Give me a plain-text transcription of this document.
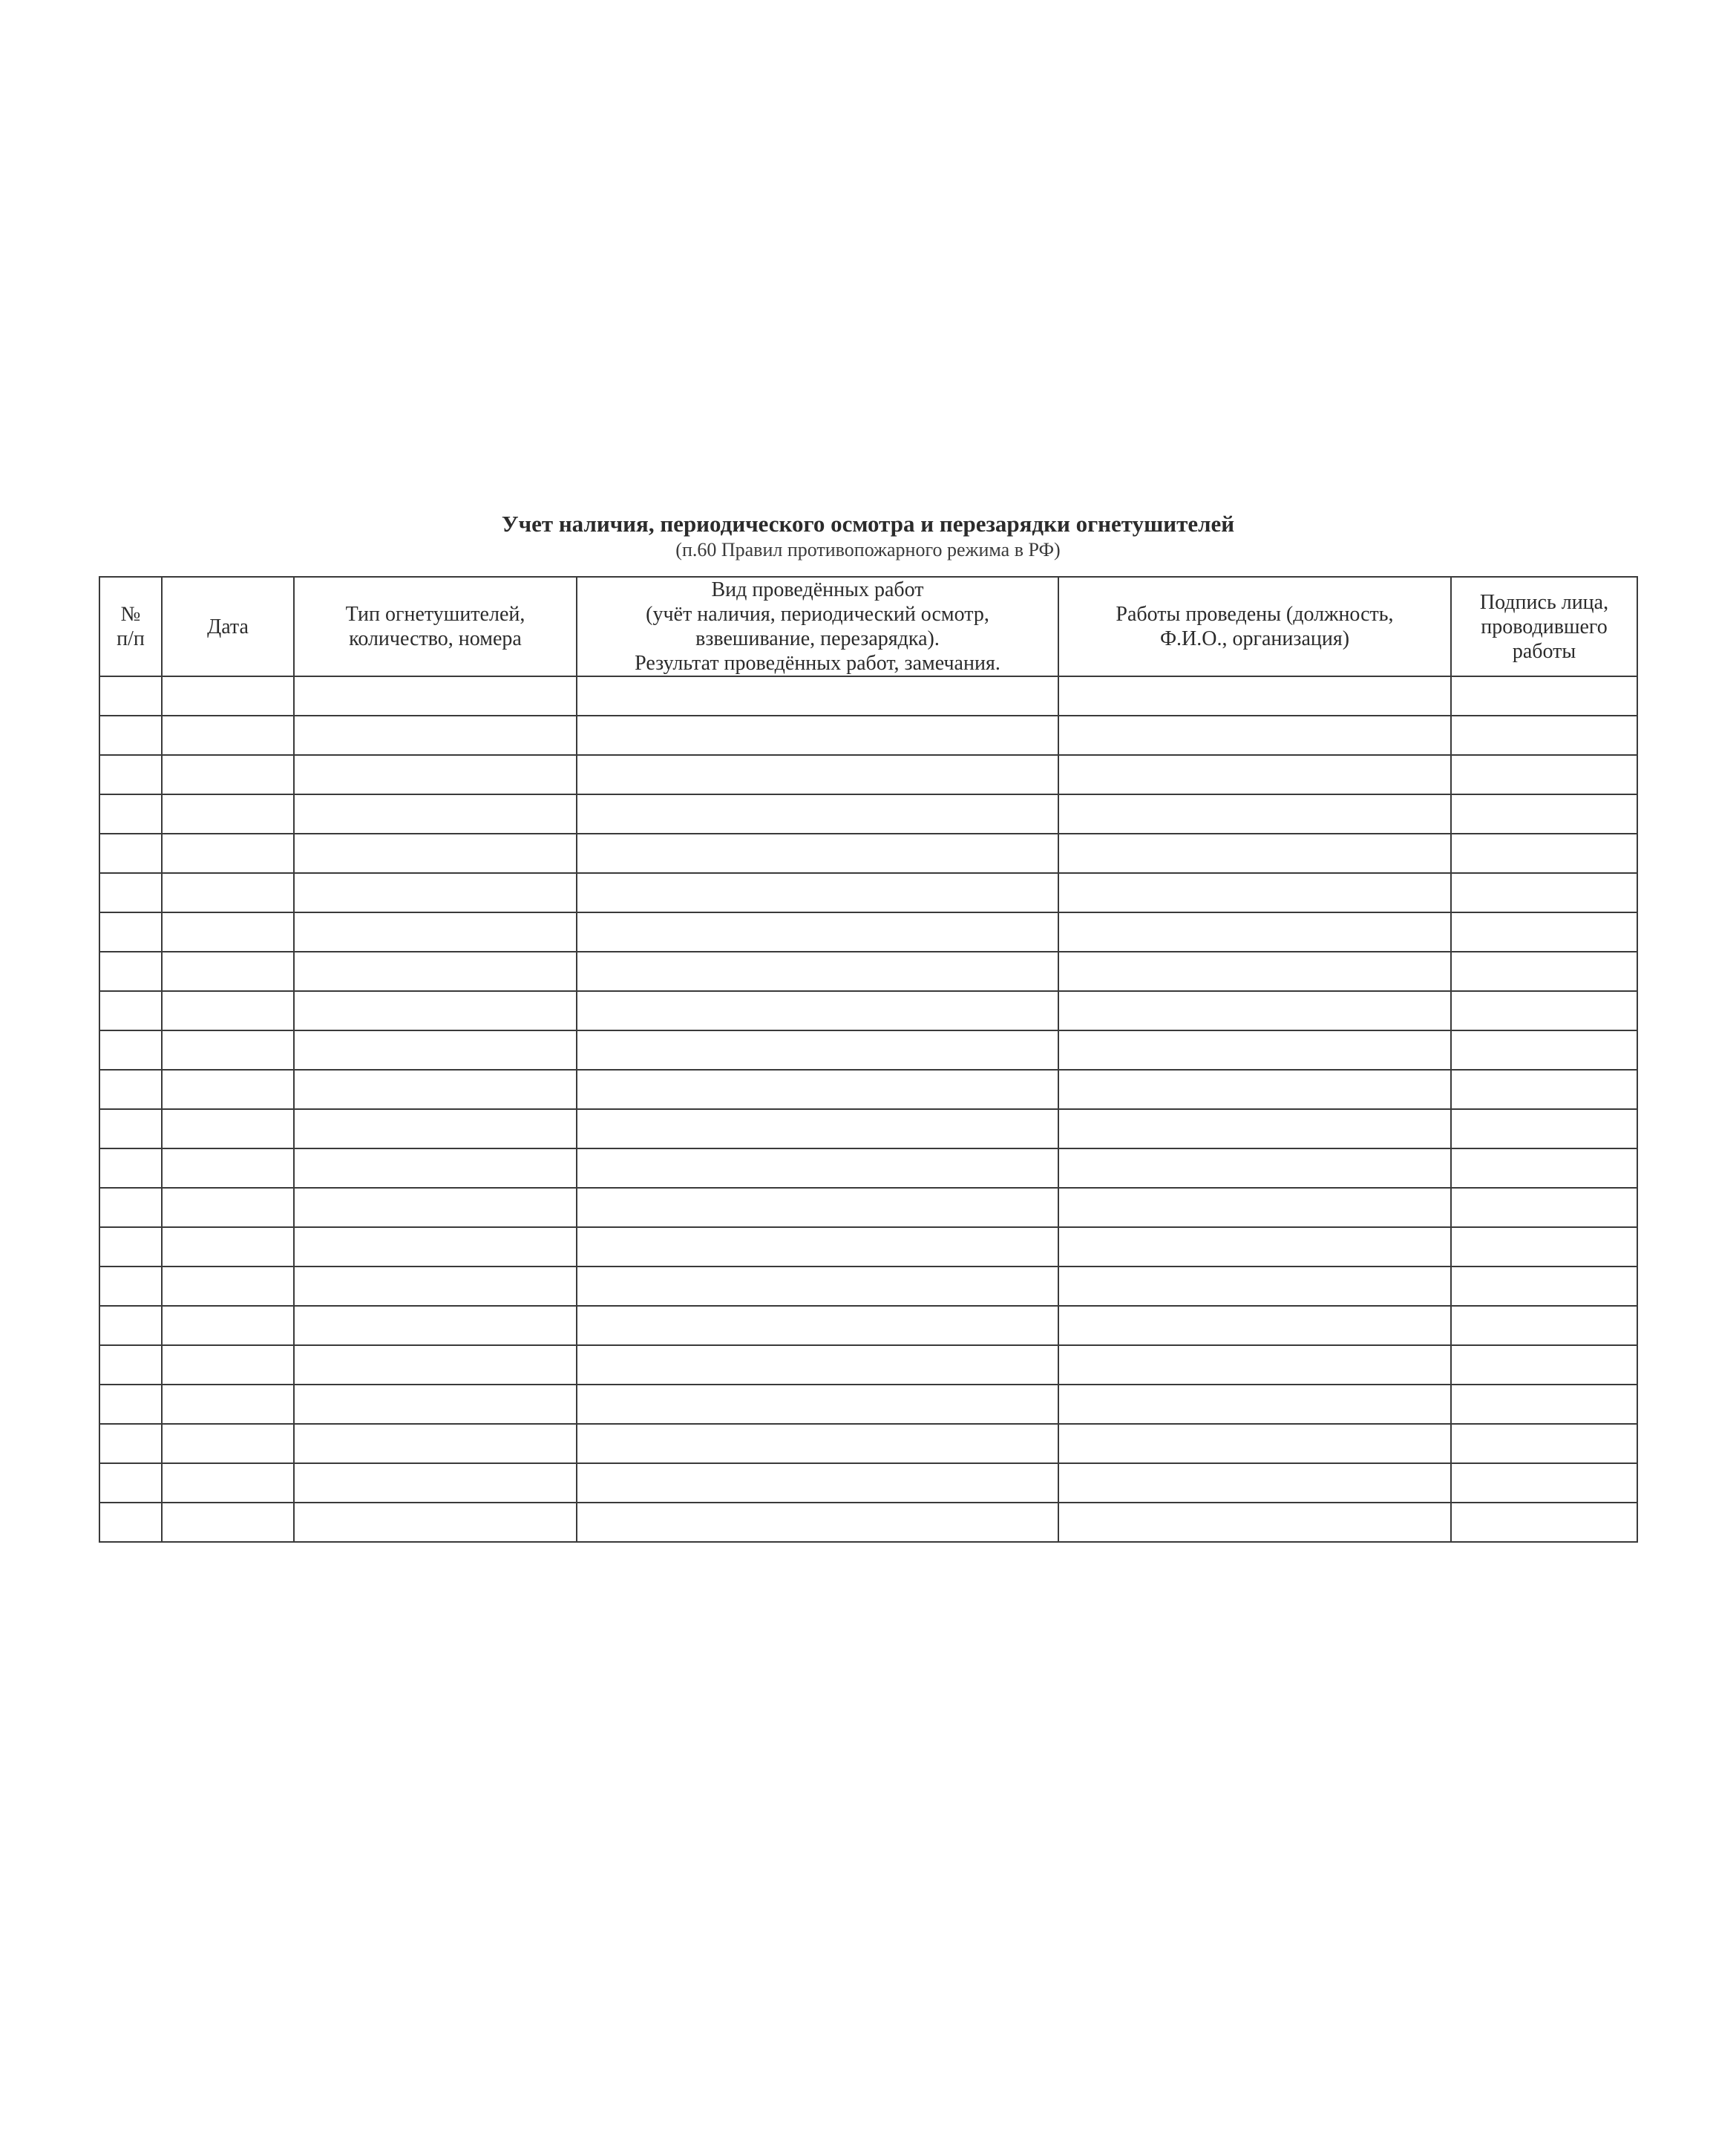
Учет наличия, периодического осмотра и перезарядки огнетушителей
(п.60 Правил противопожарного режима в РФ)
№
п/п	Дата	Тип огнетушителей,
количество, номера	Вид проведённых работ
(учёт наличия, периодический осмотр,
взвешивание, перезарядка).
Результат проведённых работ, замечания.	Работы проведены (должность,
Ф.И.О., организация)	Подпись лица,
проводившего
работы
